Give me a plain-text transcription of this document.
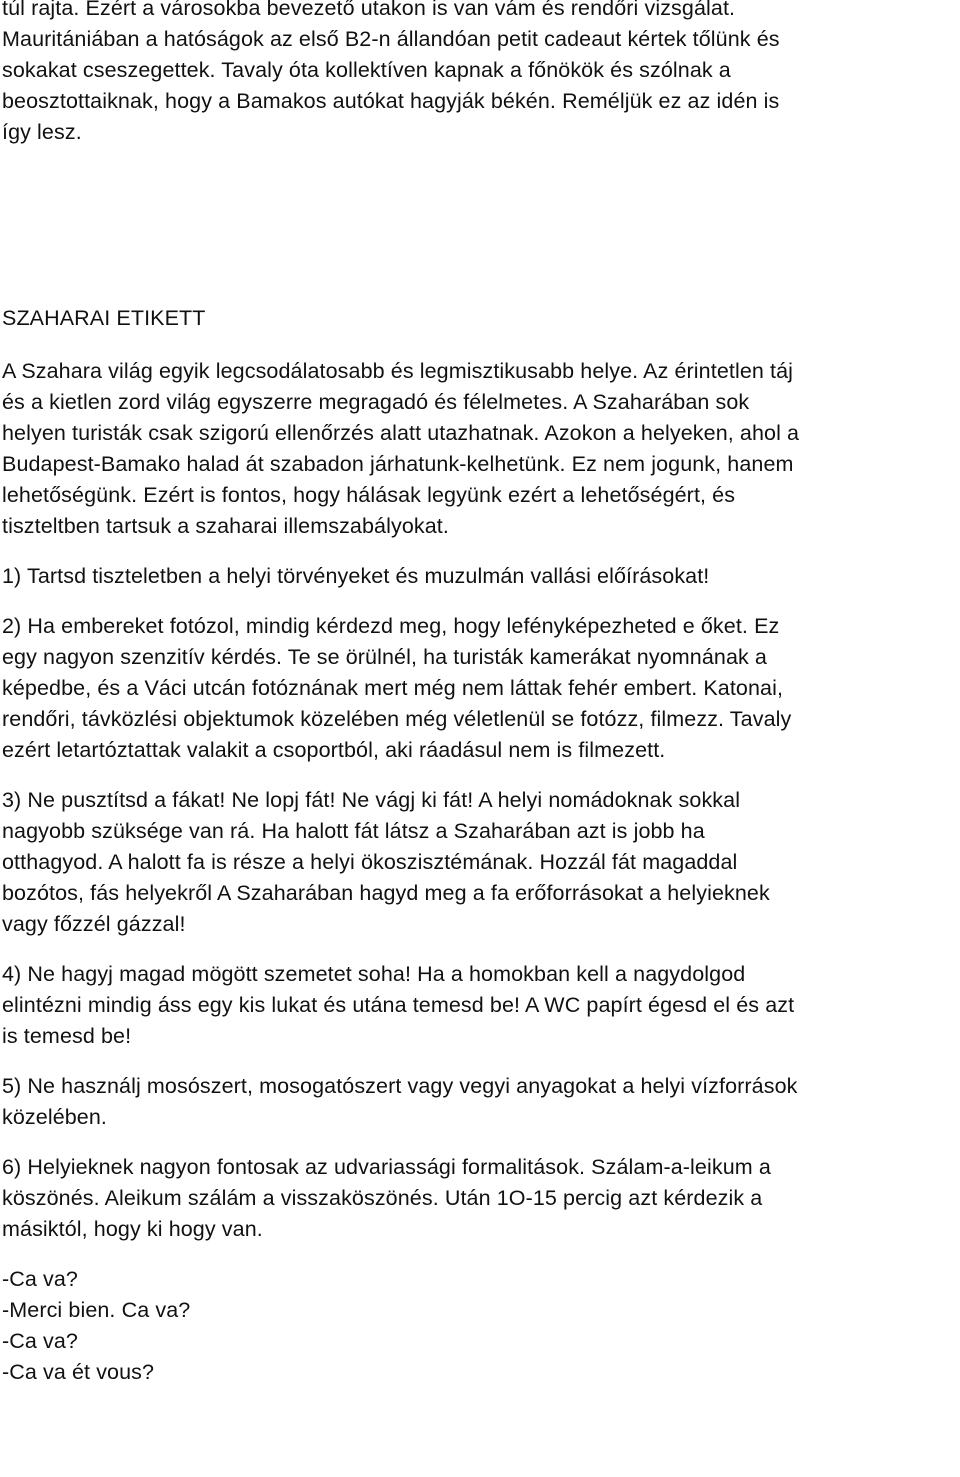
túl rajta. Ezért a városokba bevezető utakon is van vám és rendőri vizsgálat.
Mauritániában a hatóságok az első B2-n állandóan petit cadeaut kértek tőlünk és
sokakat cseszegettek. Tavaly óta kollektíven kapnak a főnökök és szólnak a
beosztottaiknak, hogy a Bamakos autókat hagyják békén. Reméljük ez az idén is
így lesz.
SZAHARAI ETIKETT
A Szahara világ egyik legcsodálatosabb és legmisztikusabb helye. Az érintetlen táj
és a kietlen zord világ egyszerre megragadó és félelmetes. A Szaharában sok
helyen turisták csak szigorú ellenőrzés alatt utazhatnak. Azokon a helyeken, ahol a
Budapest-Bamako halad át szabadon járhatunk-kelhetünk. Ez nem jogunk, hanem
lehetőségünk. Ezért is fontos, hogy hálásak legyünk ezért a lehetőségért, és
tiszteltben tartsuk a szaharai illemszabályokat.
1) Tartsd tiszteletben a helyi törvényeket és muzulmán vallási előírásokat!
2) Ha embereket fotózol, mindig kérdezd meg, hogy lefényképezheted e őket. Ez
egy nagyon szenzitív kérdés. Te se örülnél, ha turisták kamerákat nyomnának a
képedbe, és a Váci utcán fotóznának mert még nem láttak fehér embert. Katonai,
rendőri, távközlési objektumok közelében még véletlenül se fotózz, filmezz. Tavaly
ezért letartóztattak valakit a csoportból, aki ráadásul nem is filmezett.
3) Ne pusztítsd a fákat! Ne lopj fát! Ne vágj ki fát! A helyi nomádoknak sokkal
nagyobb szüksége van rá. Ha halott fát látsz a Szaharában azt is jobb ha
otthagyod. A halott fa is része a helyi ökoszisztémának. Hozzál fát magaddal
bozótos, fás helyekről A Szaharában hagyd meg a fa erőforrásokat a helyieknek
vagy főzzél gázzal!
4) Ne hagyj magad mögött szemetet soha! Ha a homokban kell a nagydolgod
elintézni mindig áss egy kis lukat és utána temesd be! A WC papírt égesd el és azt
is temesd be!
5) Ne használj mosószert, mosogatószert vagy vegyi anyagokat a helyi vízforrások
közelében.
6) Helyieknek nagyon fontosak az udvariassági formalitások. Szálam-a-leikum a
köszönés. Aleikum szálám a visszaköszönés. Után 1O-15 percig azt kérdezik a
másiktól, hogy ki hogy van.
-Ca va?
-Merci bien. Ca va?
-Ca va?
-Ca va ét vous?
